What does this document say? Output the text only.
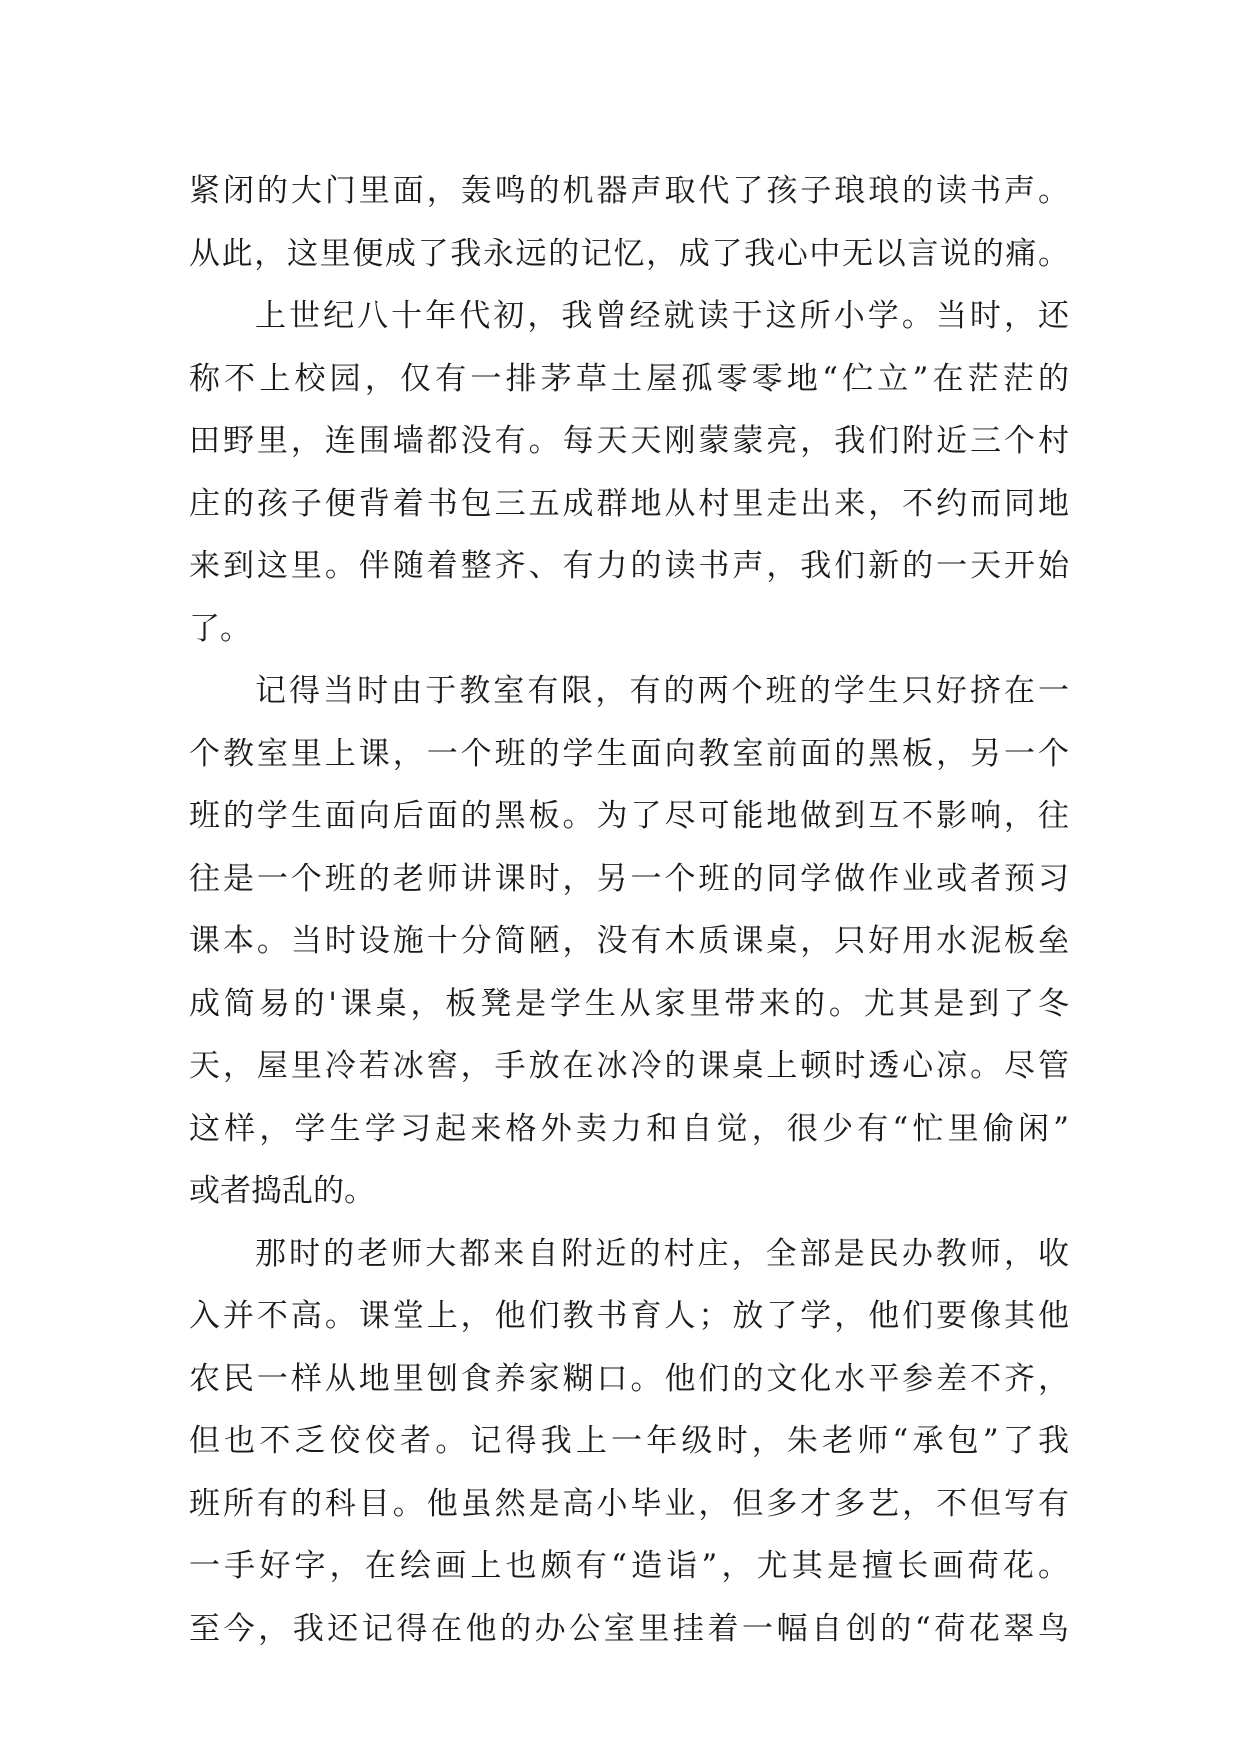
紧闭的大门里面，轰鸣的机器声取代了孩子琅琅的读书声。
从此，这里便成了我永远的记忆，成了我心中无以言说的痛。
上世纪八十年代初，我曾经就读于这所小学。当时，还
称不上校园，仅有一排茅草土屋孤零零地“伫立”在茫茫的
田野里，连围墙都没有。每天天刚蒙蒙亮，我们附近三个村
庄的孩子便背着书包三五成群地从村里走出来，不约而同地
来到这里。伴随着整齐、有力的读书声，我们新的一天开始
了。
记得当时由于教室有限，有的两个班的学生只好挤在一
个教室里上课，一个班的学生面向教室前面的黑板，另一个
班的学生面向后面的黑板。为了尽可能地做到互不影响，往
往是一个班的老师讲课时，另一个班的同学做作业或者预习
课本。当时设施十分简陋，没有木质课桌，只好用水泥板垒
成简易的'课桌，板凳是学生从家里带来的。尤其是到了冬
天，屋里冷若冰窖，手放在冰冷的课桌上顿时透心凉。尽管
这样，学生学习起来格外卖力和自觉，很少有“忙里偷闲”
或者捣乱的。
那时的老师大都来自附近的村庄，全部是民办教师，收
入并不高。课堂上，他们教书育人；放了学，他们要像其他
农民一样从地里刨食养家糊口。他们的文化水平参差不齐，
但也不乏佼佼者。记得我上一年级时，朱老师“承包”了我
班所有的科目。他虽然是高小毕业，但多才多艺，不但写有
一手好字，在绘画上也颇有“造诣”，尤其是擅长画荷花。
至今，我还记得在他的办公室里挂着一幅自创的“荷花翠鸟
